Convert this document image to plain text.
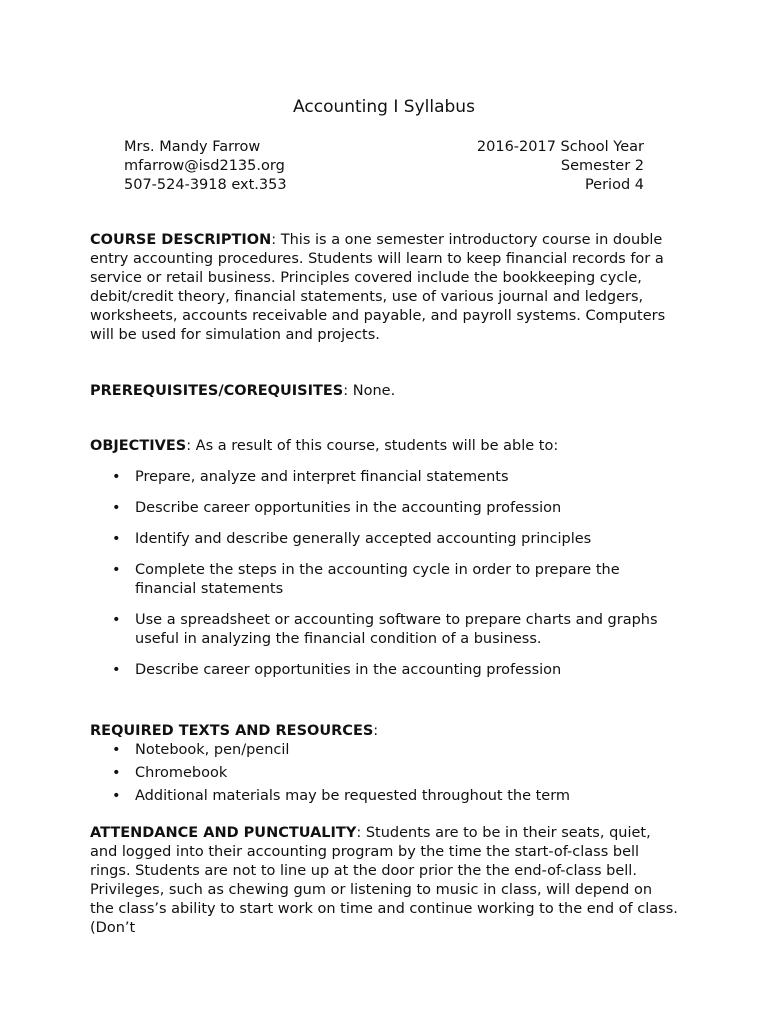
Accounting I Syllabus
Mrs. Mandy Farrow
mfarrow@isd2135.org
507-524-3918 ext.353
2016-2017 School Year
Semester 2
Period 4

COURSE DESCRIPTION: This is a one semester introductory course in double entry accounting procedures. Students will learn to keep financial records for a service or retail business. Principles covered include the bookkeeping cycle, debit/credit theory, financial statements, use of various journal and ledgers, worksheets, accounts receivable and payable, and payroll systems. Computers will be used for simulation and projects.

PREREQUISITES/COREQUISITES: None.

OBJECTIVES: As a result of this course, students will be able to:

• Prepare, analyze and interpret financial statements
• Describe career opportunities in the accounting profession
• Identify and describe generally accepted accounting principles
• Complete the steps in the accounting cycle in order to prepare the financial statements
• Use a spreadsheet or accounting software to prepare charts and graphs useful in analyzing the financial condition of a business.
• Describe career opportunities in the accounting profession

REQUIRED TEXTS AND RESOURCES:

• Notebook, pen/pencil
• Chromebook
• Additional materials may be requested throughout the term

ATTENDANCE AND PUNCTUALITY: Students are to be in their seats, quiet, and logged into their accounting program by the time the start-of-class bell rings. Students are not to line up at the door prior the the end-of-class bell. Privileges, such as chewing gum or listening to music in class, will depend on the class’s ability to start work on time and continue working to the end of class. (Don’t
